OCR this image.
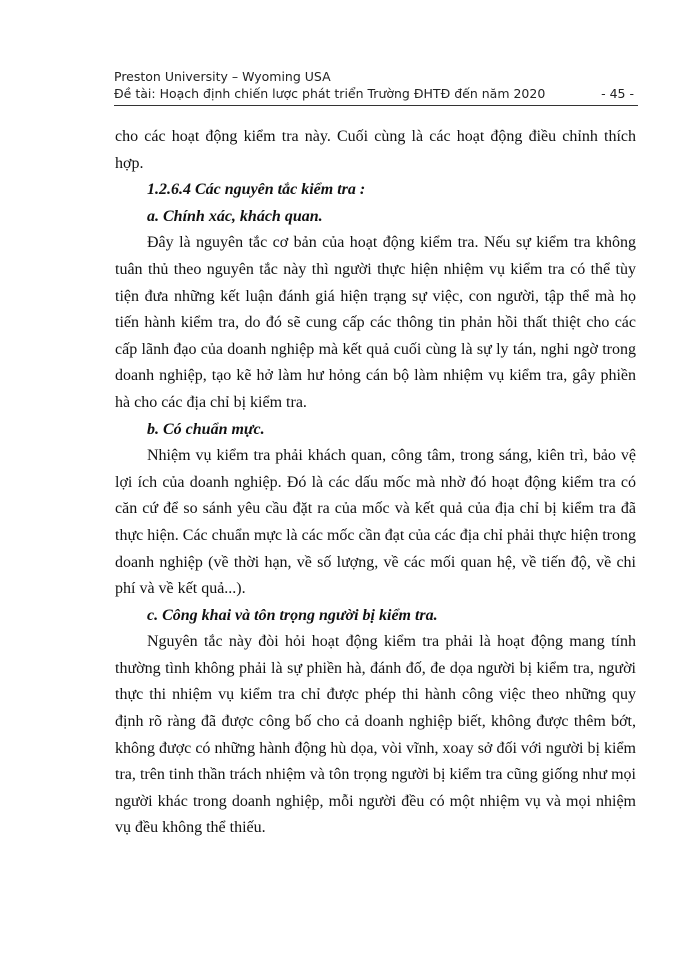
Preston University – Wyoming USA
Đề tài: Hoạch định chiến lược phát triển Trường ĐHTĐ đến năm 2020	- 45 -

cho các hoạt động kiểm tra này. Cuối cùng là các hoạt động điều chỉnh thích hợp.

1.2.6.4 Các nguyên tắc kiểm tra :

a. Chính xác, khách quan.

Đây là nguyên tắc cơ bản của hoạt động kiểm tra. Nếu sự kiểm tra không tuân thủ theo nguyên tắc này thì người thực hiện nhiệm vụ kiểm tra có thể tùy tiện đưa những kết luận đánh giá hiện trạng sự việc, con người, tập thể mà họ tiến hành kiểm tra, do đó sẽ cung cấp các thông tin phản hồi thất thiệt cho các cấp lãnh đạo của doanh nghiệp mà kết quả cuối cùng là sự ly tán, nghi ngờ trong doanh nghiệp, tạo kẽ hở làm hư hỏng cán bộ làm nhiệm vụ kiểm tra, gây phiền hà cho các địa chỉ bị kiểm tra.

b. Có chuẩn mực.

Nhiệm vụ kiểm tra phải khách quan, công tâm, trong sáng, kiên trì, bảo vệ lợi ích của doanh nghiệp. Đó là các dấu mốc mà nhờ đó hoạt động kiểm tra có căn cứ để so sánh yêu cầu đặt ra của mốc và kết quả của địa chỉ bị kiểm tra đã thực hiện. Các chuẩn mực là các mốc cần đạt của các địa chỉ phải thực hiện trong doanh nghiệp (về thời hạn, về số lượng, về các mối quan hệ, về tiến độ, về chi phí và về kết quả...).

c. Công khai và tôn trọng người bị kiểm tra.

Nguyên tắc này đòi hỏi hoạt động kiểm tra phải là hoạt động mang tính thường tình không phải là sự phiền hà, đánh đố, đe dọa người bị kiểm tra, người thực thi nhiệm vụ kiểm tra chỉ được phép thi hành công việc theo những quy định rõ ràng đã được công bố cho cả doanh nghiệp biết, không được thêm bớt, không được có những hành động hù dọa, vòi vĩnh, xoay sở đối với người bị kiểm tra, trên tinh thần trách nhiệm và tôn trọng người bị kiểm tra cũng giống như mọi người khác trong doanh nghiệp, mỗi người đều có một nhiệm vụ và mọi nhiệm vụ đều không thể thiếu.
